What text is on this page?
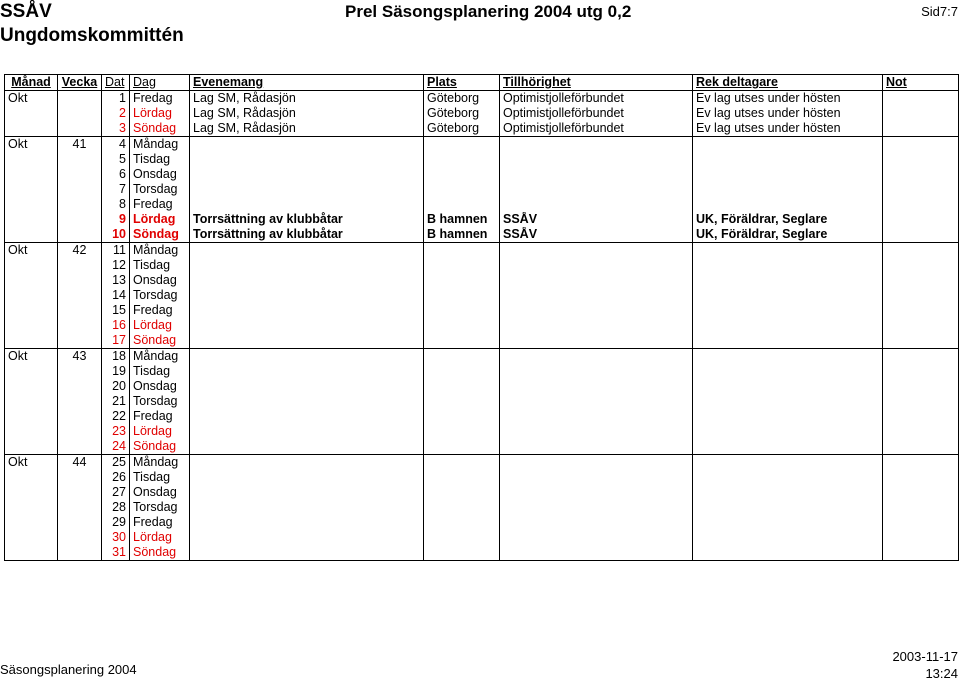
SSÅV
Ungdomskommittén
Prel Säsongsplanering 2004 utg 0,2	Sid7:7
Månad	Vecka	Dat	Dag	Evenemang	Plats	Tillhörighet	Rek deltagare	Not
Okt		1	Fredag	Lag SM, Rådasjön	Göteborg	Optimistjolleförbundet	Ev lag utses under hösten	
		2	Lördag	Lag SM, Rådasjön	Göteborg	Optimistjolleförbundet	Ev lag utses under hösten	
		3	Söndag	Lag SM, Rådasjön	Göteborg	Optimistjolleförbundet	Ev lag utses under hösten	
Okt	41	4	Måndag					
		5	Tisdag					
		6	Onsdag					
		7	Torsdag					
		8	Fredag					
		9	Lördag	Torrsättning av klubbåtar	B hamnen	SSÅV	UK, Föräldrar, Seglare	
		10	Söndag	Torrsättning av klubbåtar	B hamnen	SSÅV	UK, Föräldrar, Seglare	
Okt	42	11	Måndag					
		12	Tisdag					
		13	Onsdag					
		14	Torsdag					
		15	Fredag					
		16	Lördag					
		17	Söndag					
Okt	43	18	Måndag					
		19	Tisdag					
		20	Onsdag					
		21	Torsdag					
		22	Fredag					
		23	Lördag					
		24	Söndag					
Okt	44	25	Måndag					
		26	Tisdag					
		27	Onsdag					
		28	Torsdag					
		29	Fredag					
		30	Lördag					
		31	Söndag					
Säsongsplanering 2004
2003-11-17
13:24
